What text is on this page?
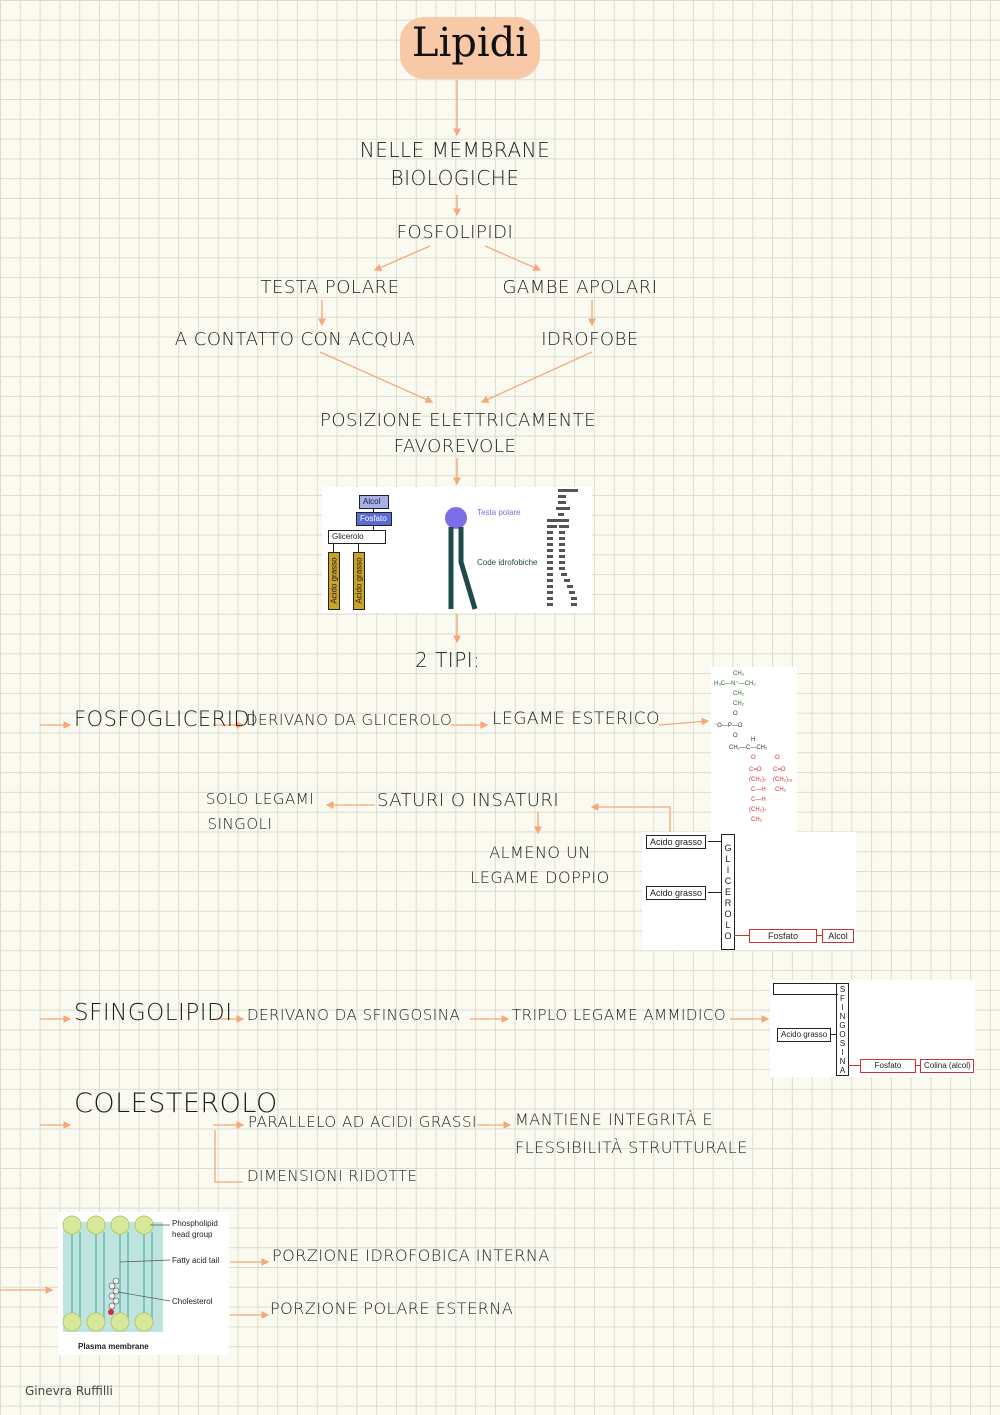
Lipidi
NELLE MEMBRANE
BIOLOGICHE
FOSFOLIPIDI
TESTA POLARE	GAMBE APOLARI
A CONTATTO CON ACQUA	IDROFOBE
POSIZIONE ELETTRICAMENTE
FAVOREVOLE
Alcol
Fosfato
Glicerolo
Acido grasso Acido grasso
Testa polare
Code idrofobiche
2 TIPI:
FOSFOGLICERIDI
DERIVANO DA GLICEROLO LEGAME ESTERICO
SATURI O INSATURI
SOLO LEGAMI
SINGOLI
ALMENO UN
LEGAME DOPPIO
CH₃
H₃C—N⁺—CH₃
CH₂
CH₂
O
⁻O—P—O
O
CH₂—C—CH₂
H
O	O
C=O C=O
(CH₂)₇ (CH₂)₁₆
C—H CH₃
C—H
(CH₂)₇
CH₃
Acido grasso
Acido grasso
G
L
I
C
E
R
O
L
O	Fosfato	Alcol
SFINGOLIPIDI DERIVANO DA SFINGOSINA	TRIPLO LEGAME AMMIDICO
S
F
I
N
G
O
S
I
N
A
Acido grasso
Fosfato	Colina (alcol)
COLESTEROLO
PARALLELO AD ACIDI GRASSI MANTIENE INTEGRITÀ E
FLESSIBILITÀ STRUTTURALE
DIMENSIONI RIDOTTE
Phospholipid
head group
Fatty acid tail
Cholesterol
Plasma membrane
PORZIONE IDROFOBICA INTERNA
PORZIONE POLARE ESTERNA
Ginevra Ruffilli
